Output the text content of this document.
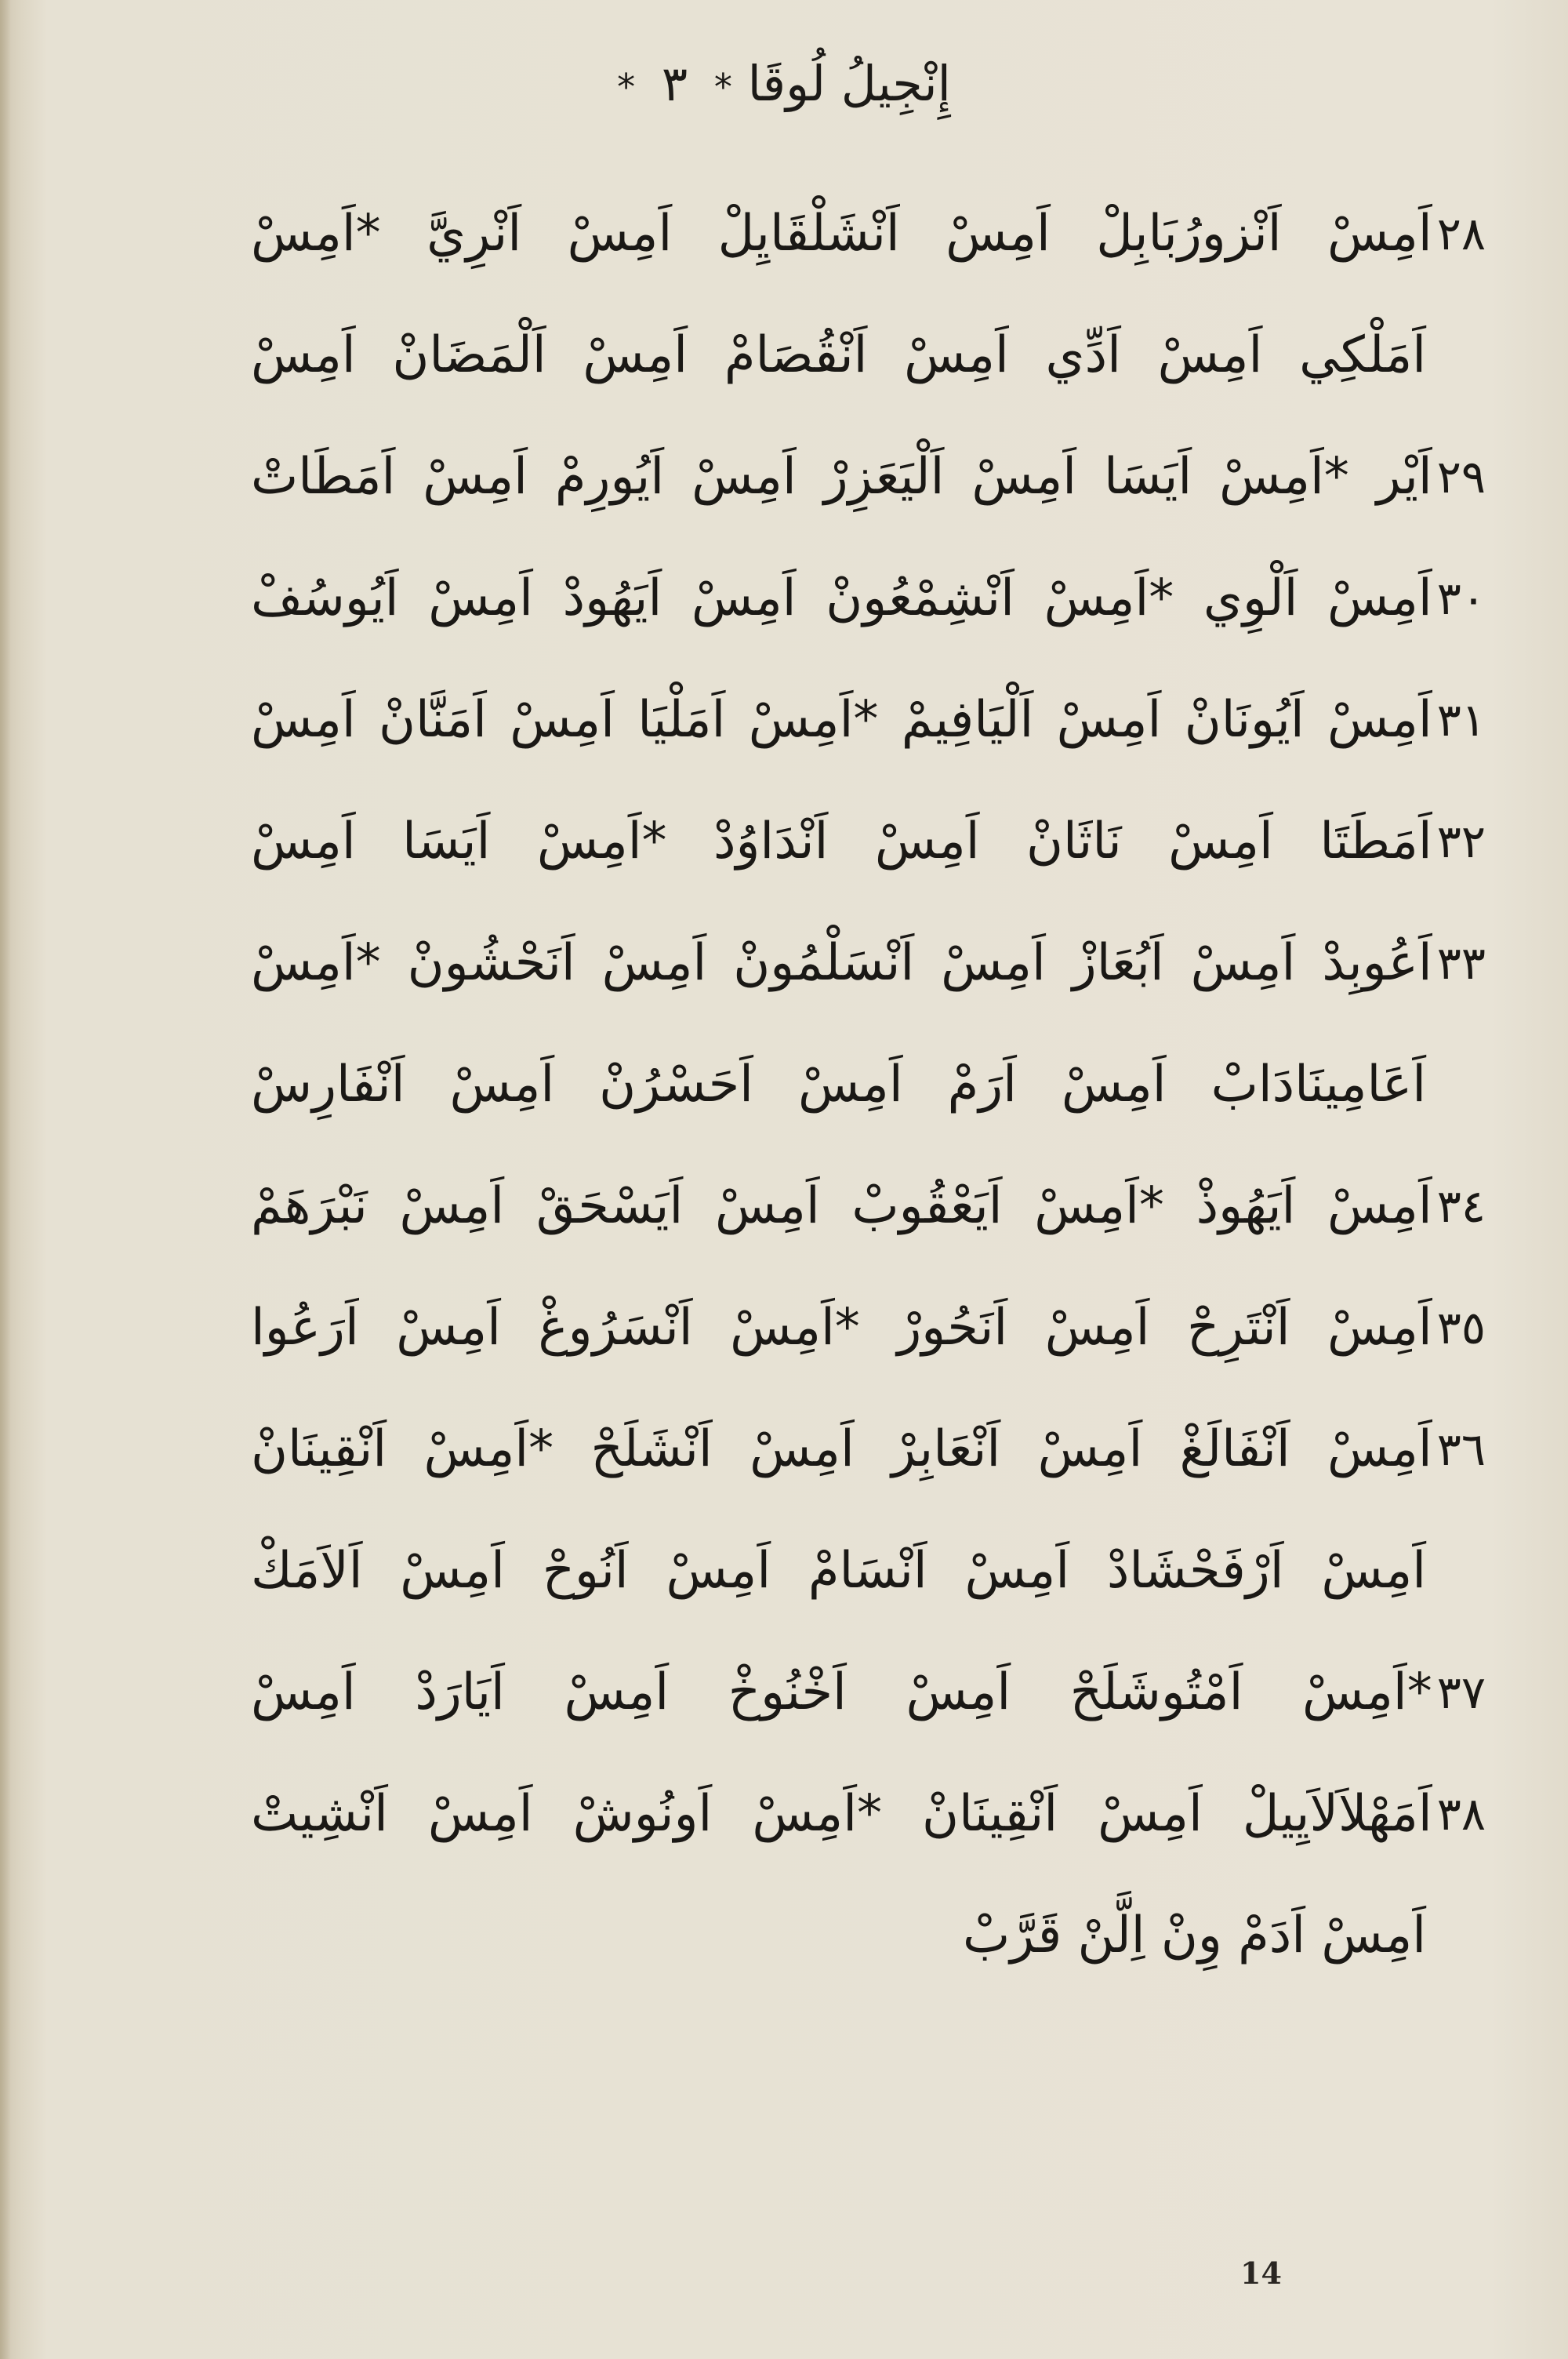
إِنْجِيلُ لُوقَا * ٣ *
٢٨
اَمِسْ اَنْزورُبَابِلْ اَمِسْ اَنْشَلْقَايِلْ اَمِسْ اَنْرِيَّ *اَمِسْ
اَمَلْكِي اَمِسْ اَدِّي اَمِسْ اَنْقُصَامْ اَمِسْ اَلْمَضَانْ اَمِسْ
٢٩
اَيْر *اَمِسْ اَيَسَا اَمِسْ اَلْيَعَزِرْ اَمِسْ اَيُورِمْ اَمِسْ اَمَطَاتْ
٣٠
اَمِسْ اَلْوِي *اَمِسْ اَنْشِمْعُونْ اَمِسْ اَيَهُودْ اَمِسْ اَيُوسُفْ
٣١
اَمِسْ اَيُونَانْ اَمِسْ اَلْيَافِيمْ *اَمِسْ اَمَلْيَا اَمِسْ اَمَنَّانْ اَمِسْ
٣٢
اَمَطَتَا اَمِسْ نَاثَانْ اَمِسْ اَنْدَاوُدْ *اَمِسْ اَيَسَا اَمِسْ
٣٣
اَعُوبِدْ اَمِسْ اَبُعَازْ اَمِسْ اَنْسَلْمُونْ اَمِسْ اَنَحْشُونْ *اَمِسْ
اَعَامِينَادَابْ اَمِسْ اَرَمْ اَمِسْ اَحَسْرُنْ اَمِسْ اَنْفَارِسْ
٣٤
اَمِسْ اَيَهُوذْ *اَمِسْ اَيَعْقُوبْ اَمِسْ اَيَسْحَقْ اَمِسْ نَبْرَهَمْ
٣٥
اَمِسْ اَنْتَرِحْ اَمِسْ اَنَحُورْ *اَمِسْ اَنْسَرُوغْ اَمِسْ اَرَعُوا
٣٦
اَمِسْ اَنْفَالَغْ اَمِسْ اَنْعَابِرْ اَمِسْ اَنْشَلَحْ *اَمِسْ اَنْقِينَانْ
اَمِسْ اَرْفَحْشَادْ اَمِسْ اَنْسَامْ اَمِسْ اَنُوحْ اَمِسْ اَلاَمَكْ
٣٧
*اَمِسْ اَمْتُوشَلَحْ اَمِسْ اَخْنُوخْ اَمِسْ اَيَارَدْ اَمِسْ
٣٨
اَمَهْلاَلاَيِيلْ اَمِسْ اَنْقِينَانْ *اَمِسْ اَونُوشْ اَمِسْ اَنْشِيتْ
اَمِسْ اَدَمْ وِنْ اِلَّنْ قَرَّبْ
14
